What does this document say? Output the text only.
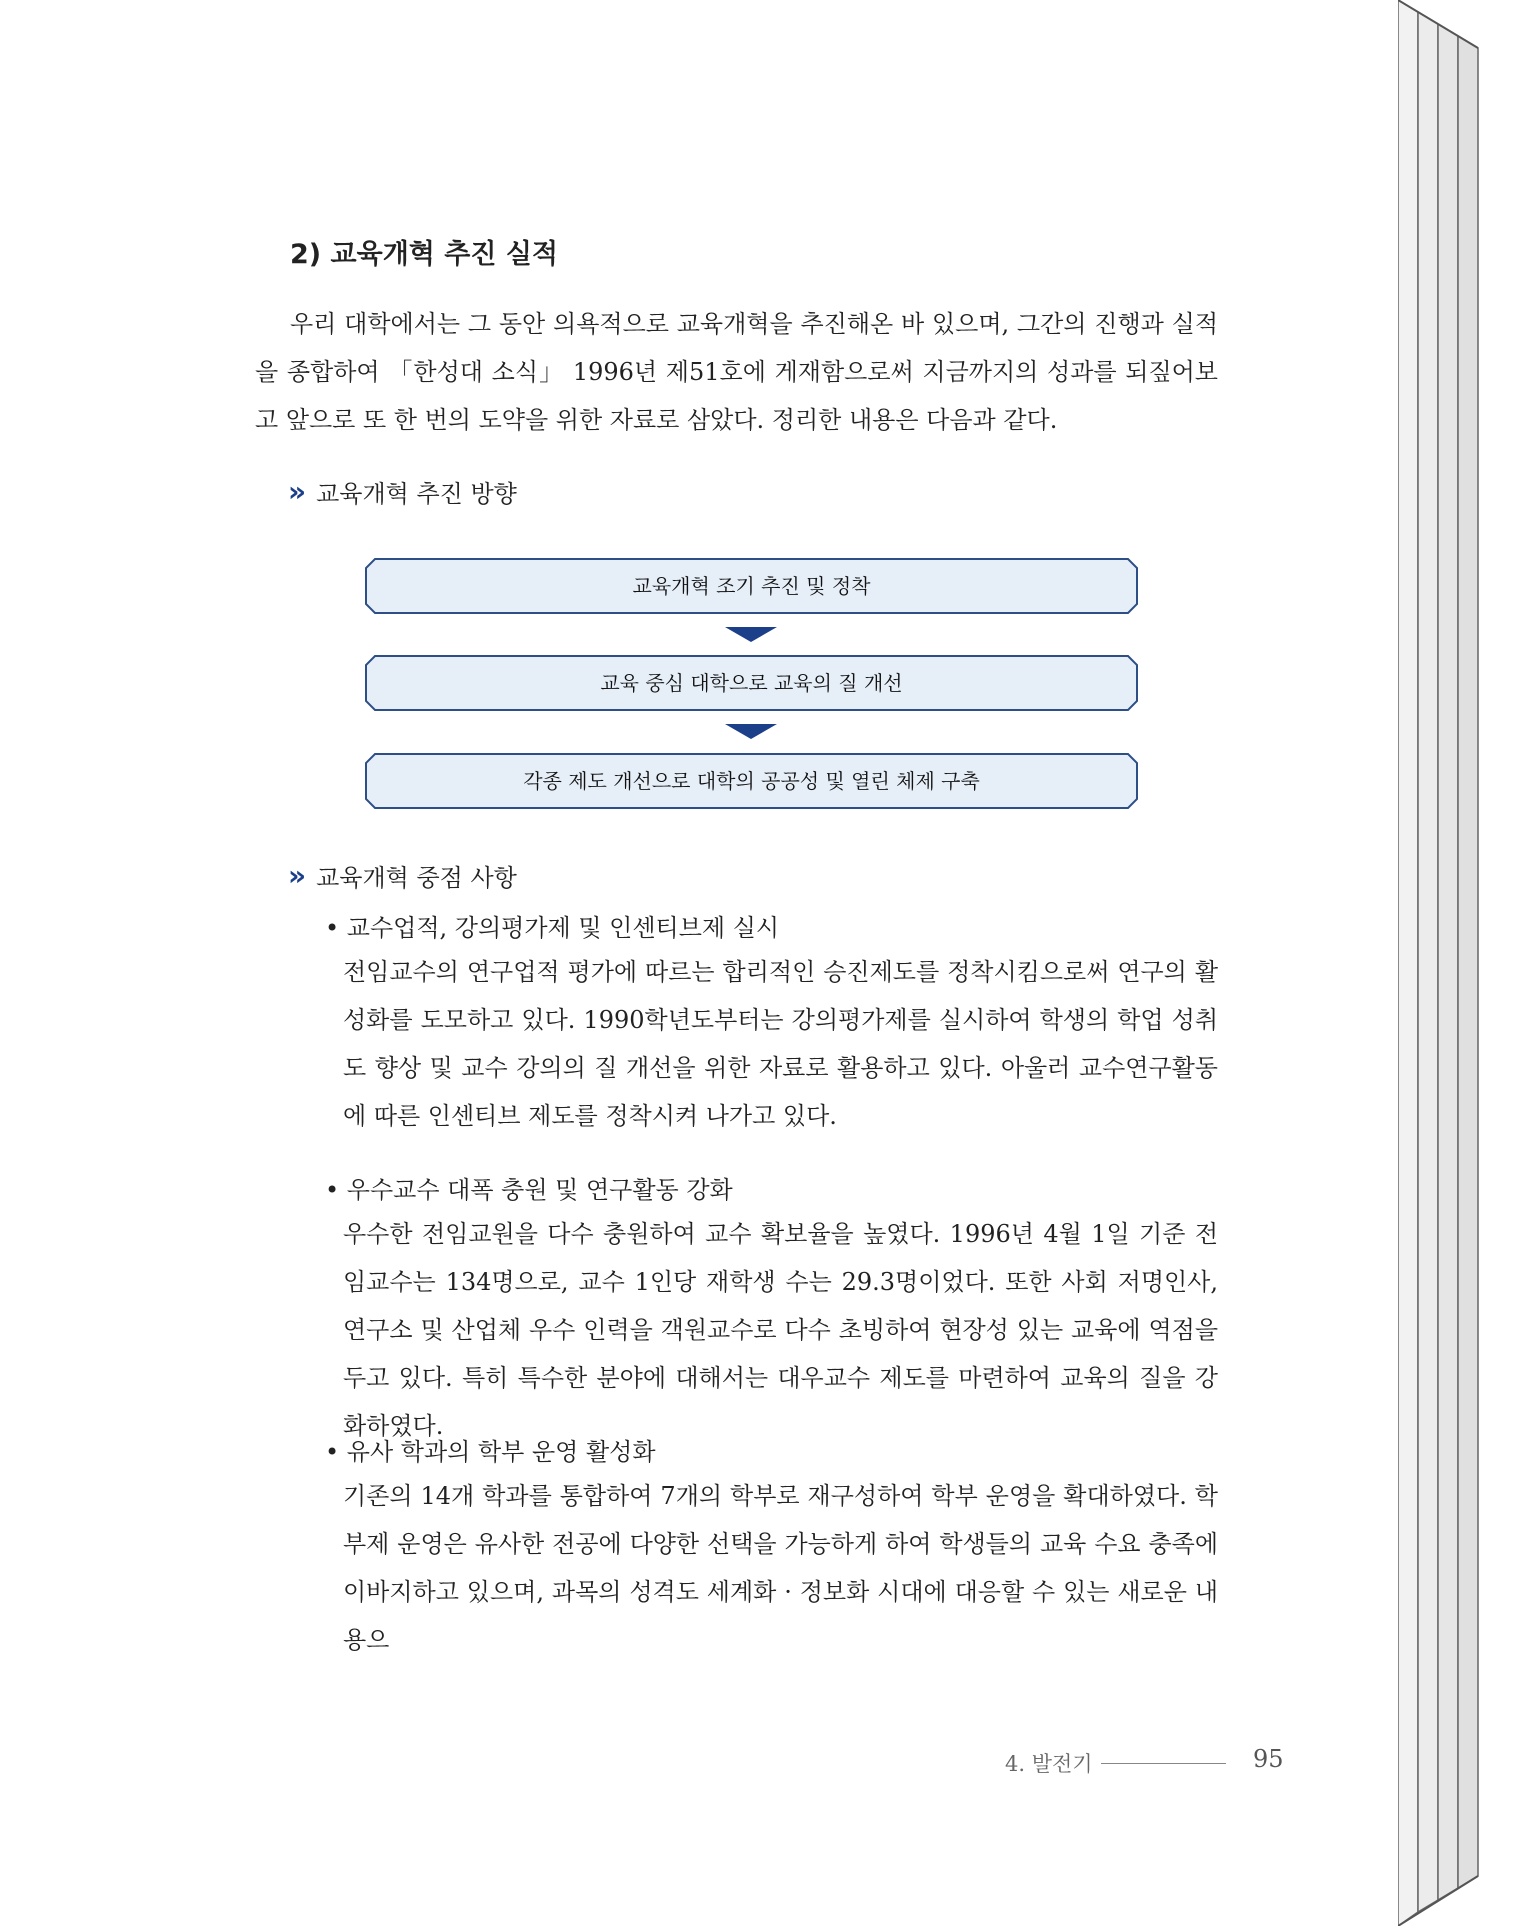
2) 교육개혁 추진 실적

우리 대학에서는 그 동안 의욕적으로 교육개혁을 추진해온 바 있으며, 그간의 진행과 실적을 종합하여 「한성대 소식」 1996년 제51호에 게재함으로써 지금까지의 성과를 되짚어보고 앞으로 또 한 번의 도약을 위한 자료로 삼았다. 정리한 내용은 다음과 같다.

» 교육개혁 추진 방향
교육개혁 조기 추진 및 정착
교육 중심 대학으로 교육의 질 개선
각종 제도 개선으로 대학의 공공성 및 열린 체제 구축
» 교육개혁 중점 사항

• 교수업적, 강의평가제 및 인센티브제 실시

전임교수의 연구업적 평가에 따르는 합리적인 승진제도를 정착시킴으로써 연구의 활성화를 도모하고 있다. 1990학년도부터는 강의평가제를 실시하여 학생의 학업 성취도 향상 및 교수 강의의 질 개선을 위한 자료로 활용하고 있다. 아울러 교수연구활동에 따른 인센티브 제도를 정착시켜 나가고 있다.

• 우수교수 대폭 충원 및 연구활동 강화

우수한 전임교원을 다수 충원하여 교수 확보율을 높였다. 1996년 4월 1일 기준 전임교수는 134명으로, 교수 1인당 재학생 수는 29.3명이었다. 또한 사회 저명인사, 연구소 및 산업체 우수 인력을 객원교수로 다수 초빙하여 현장성 있는 교육에 역점을 두고 있다. 특히 특수한 분야에 대해서는 대우교수 제도를 마련하여 교육의 질을 강화하였다.

• 유사 학과의 학부 운영 활성화

기존의 14개 학과를 통합하여 7개의 학부로 재구성하여 학부 운영을 확대하였다. 학부제 운영은 유사한 전공에 다양한 선택을 가능하게 하여 학생들의 교육 수요 충족에 이바지하고 있으며, 과목의 성격도 세계화 · 정보화 시대에 대응할 수 있는 새로운 내용으

4. 발전기	95
